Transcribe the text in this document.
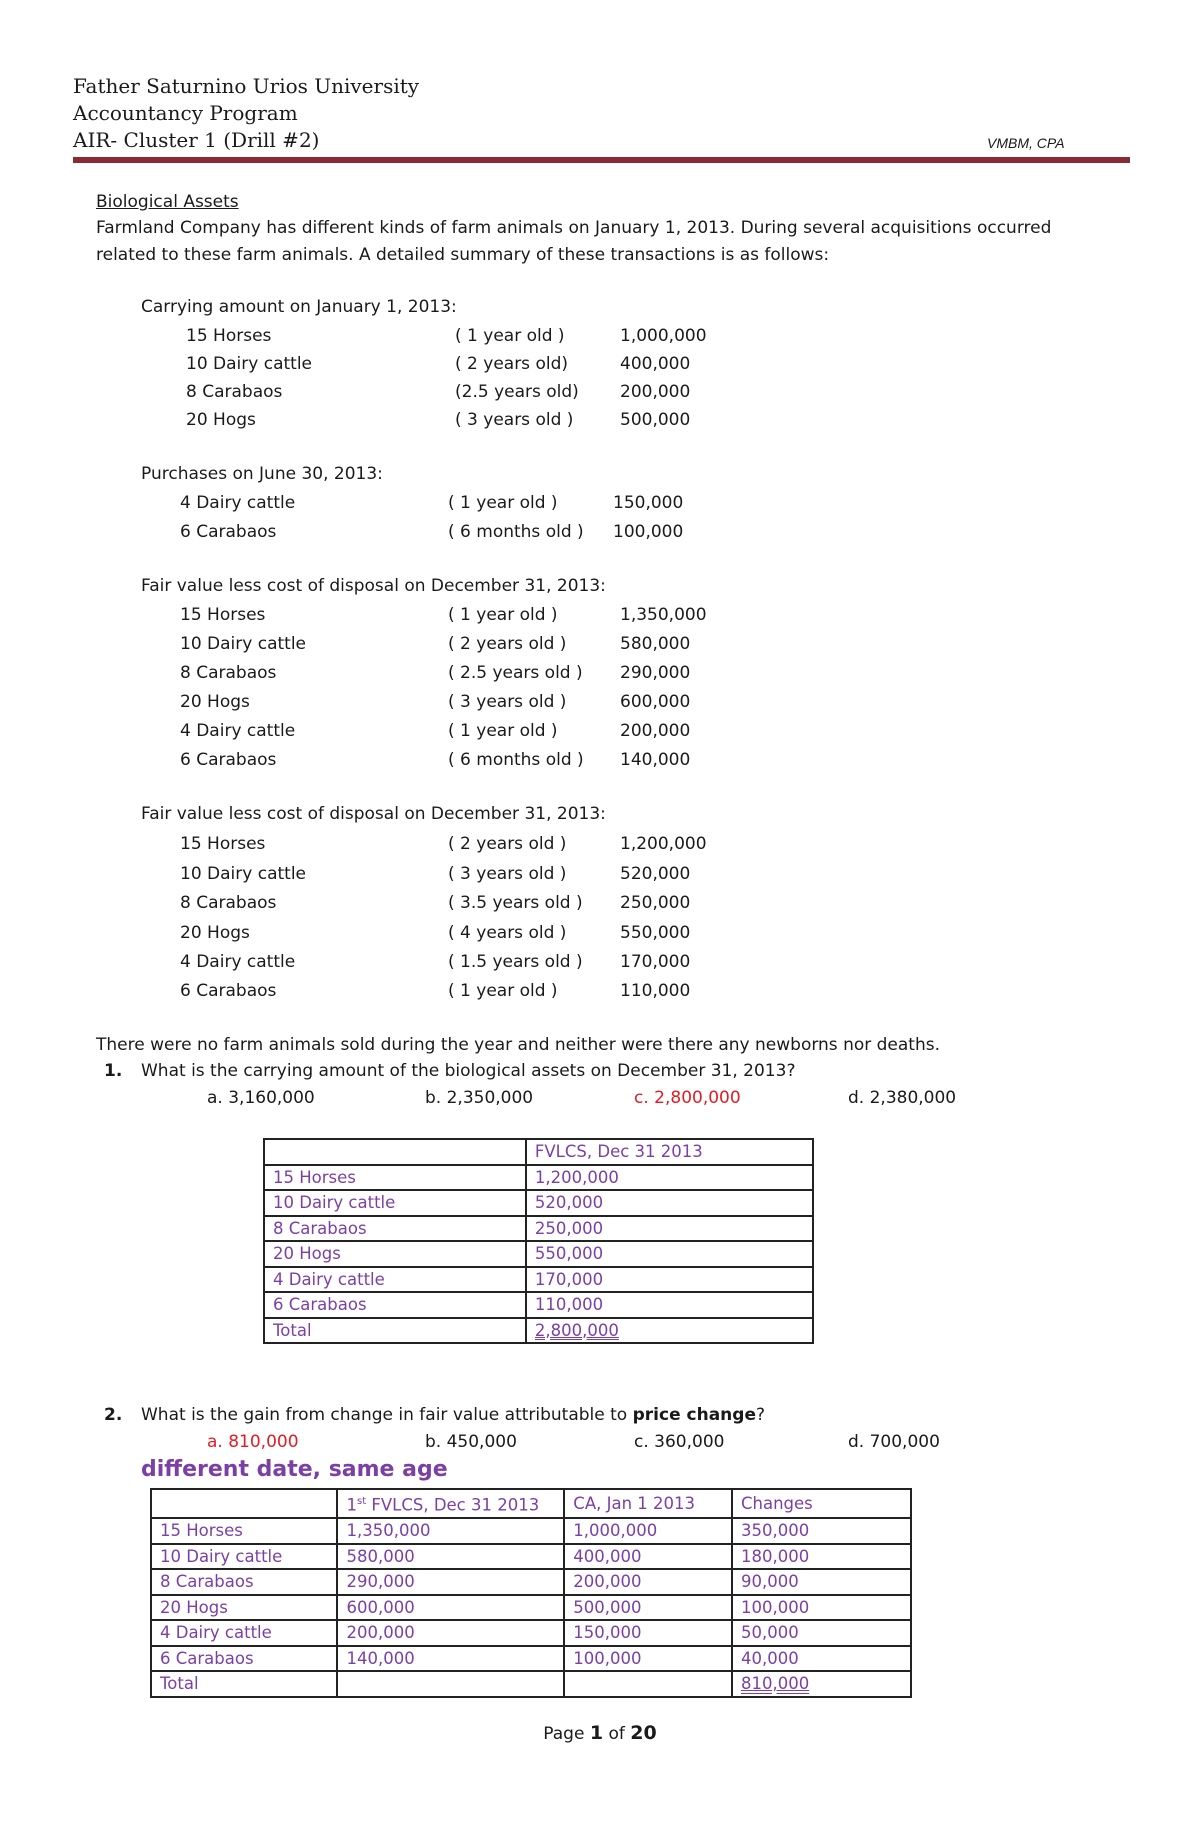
Father Saturnino Urios University
Accountancy Program
AIR- Cluster 1 (Drill #2)	VMBM, CPA
Biological Assets
Farmland Company has different kinds of farm animals on January 1, 2013. During several acquisitions occurred
related to these farm animals. A detailed summary of these transactions is as follows:
Carrying amount on January 1, 2013:
15 Horses	( 1 year old )	1,000,000
10 Dairy cattle	( 2 years old)	400,000
8 Carabaos	(2.5 years old) 200,000
20 Hogs	( 3 years old )	500,000
Purchases on June 30, 2013:
4 Dairy cattle	( 1 year old )	150,000
6 Carabaos	( 6 months old ) 100,000
Fair value less cost of disposal on December 31, 2013:
15 Horses	( 1 year old )	1,350,000
10 Dairy cattle	( 2 years old )	580,000
8 Carabaos	( 2.5 years old ) 290,000
20 Hogs	( 3 years old )	600,000
4 Dairy cattle	( 1 year old )	200,000
6 Carabaos	( 6 months old ) 140,000
Fair value less cost of disposal on December 31, 2013:
15 Horses	( 2 years old )	1,200,000
10 Dairy cattle	( 3 years old )	520,000
8 Carabaos	( 3.5 years old ) 250,000
20 Hogs	( 4 years old )	550,000
4 Dairy cattle	( 1.5 years old ) 170,000
6 Carabaos	( 1 year old )	110,000
There were no farm animals sold during the year and neither were there any newborns nor deaths.
1. What is the carrying amount of the biological assets on December 31, 2013?
a. 3,160,000	b. 2,350,000	c. 2,800,000	d. 2,380,000
	FVLCS, Dec 31 2013
15 Horses	1,200,000
10 Dairy cattle	520,000
8 Carabaos	250,000
20 Hogs	550,000
4 Dairy cattle	170,000
6 Carabaos	110,000
Total	2,800,000
2. What is the gain from change in fair value attributable to price change?
a. 810,000	b. 450,000	c. 360,000	d. 700,000
different date, same age
	1st FVLCS, Dec 31 2013	CA, Jan 1 2013	Changes
15 Horses	1,350,000	1,000,000	350,000
10 Dairy cattle	580,000	400,000	180,000
8 Carabaos	290,000	200,000	90,000
20 Hogs	600,000	500,000	100,000
4 Dairy cattle	200,000	150,000	50,000
6 Carabaos	140,000	100,000	40,000
Total			810,000
Page 1 of 20
